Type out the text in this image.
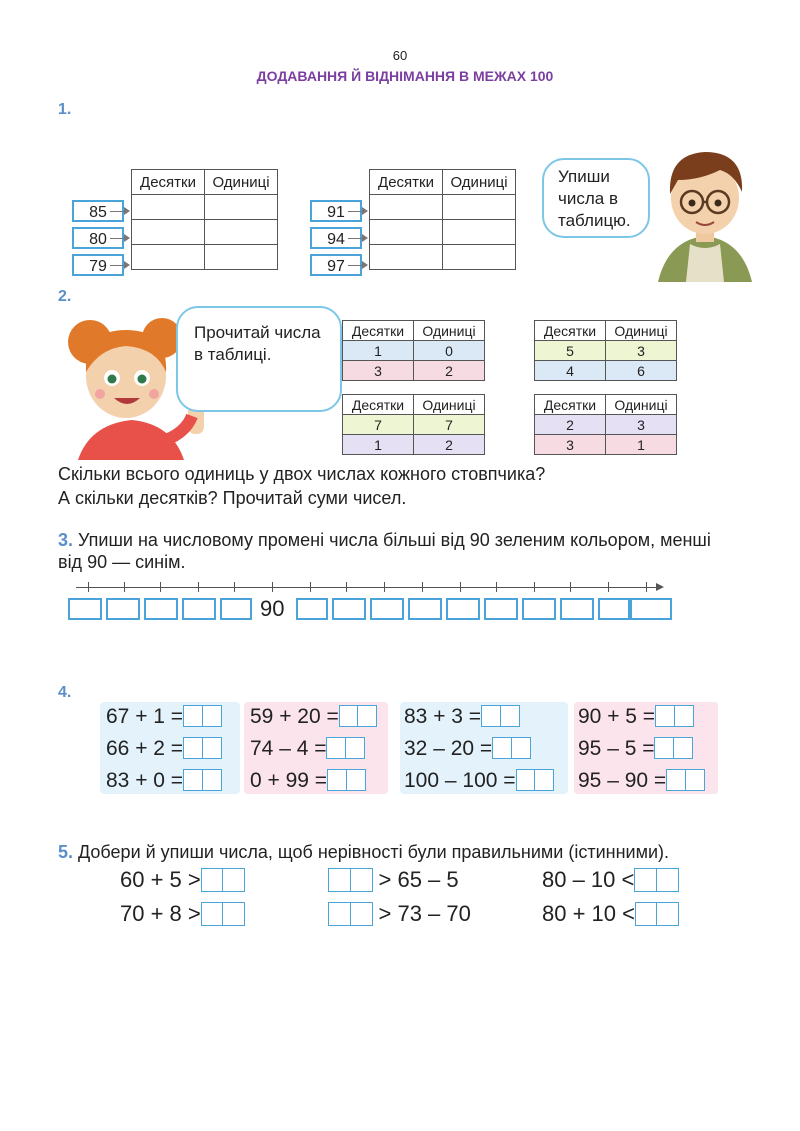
60
ДОДАВАННЯ Й ВІДНІМАННЯ В МЕЖАХ 100
1.
85
80
79
Десятки	Одиниці

91
94
97
Десятки	Одиниці

		Упиши
числа в
таблицю.
2.
Прочитай числа
в таблиці.
Десятки	Одиниці
1	0
3	2
Десятки	Одиниці
5	3
4	6
Десятки	Одиниці
7	7
1	2
Десятки	Одиниці
2	3
3	1
Скільки всього одиниць у двох числах кожного стовпчика?
А скільки десятків? Прочитай суми чисел.
3. Упиши на числовому промені числа більші від 90 зеленим кольором, менші
від 90 — синім.
90
4.
67 + 1 =
66 + 2 =
83 + 0 =
59 + 20 =
74 – 4 =
0 + 99 =
83 + 3 =
32 – 20 =
100 – 100 =
90 + 5 =
95 – 5 =
95 – 90 =
5. Добери й упиши числа, щоб нерівності були правильними (істинними).
60 + 5 >
70 + 8 >
> 65 – 5
> 73 – 70
80 – 10 <
80 + 10 <
